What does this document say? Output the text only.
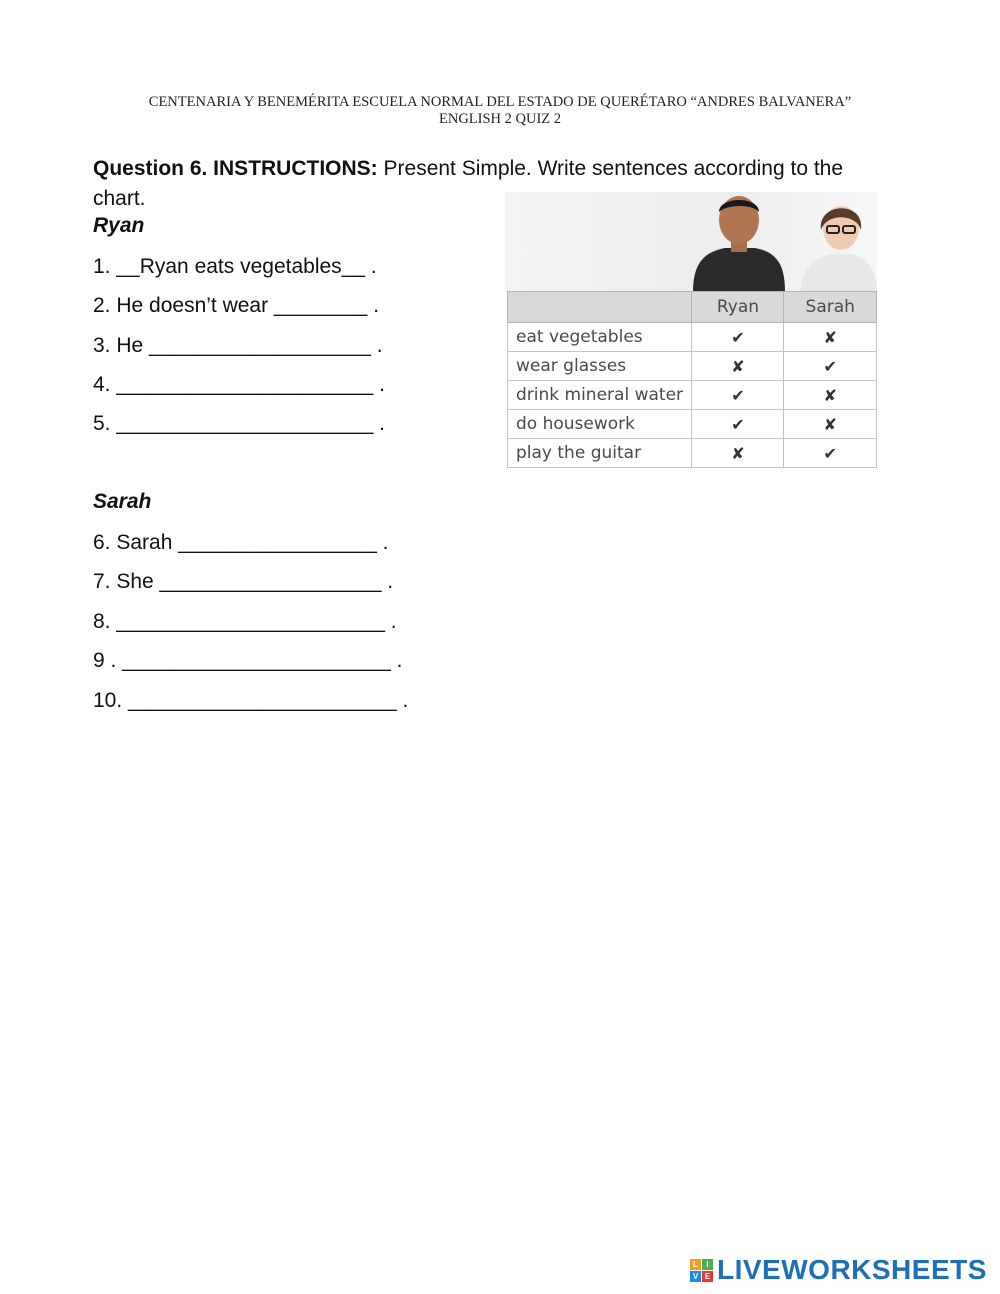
CENTENARIA Y BENEMÉRITA ESCUELA NORMAL DEL ESTADO DE QUERÉTARO “ANDRES BALVANERA”
ENGLISH 2 QUIZ 2
Question 6. INSTRUCTIONS: Present Simple. Write sentences according to the chart.
Ryan
1. __Ryan eats vegetables__ .
2. He doesn’t wear ________ .
3. He ___________________ .
4. ______________________ .
5. ______________________ .
Sarah
6. Sarah _________________ .
7. She ___________________ .
8. _______________________ .
9 . _______________________ .
10. _______________________ .
	Ryan	Sarah
eat vegetables	✔	✘
wear glasses	✘	✔
drink mineral water	✔	✘
do housework	✔	✘
play the guitar	✘	✔
L	I
V E LIVEWORKSHEETS
